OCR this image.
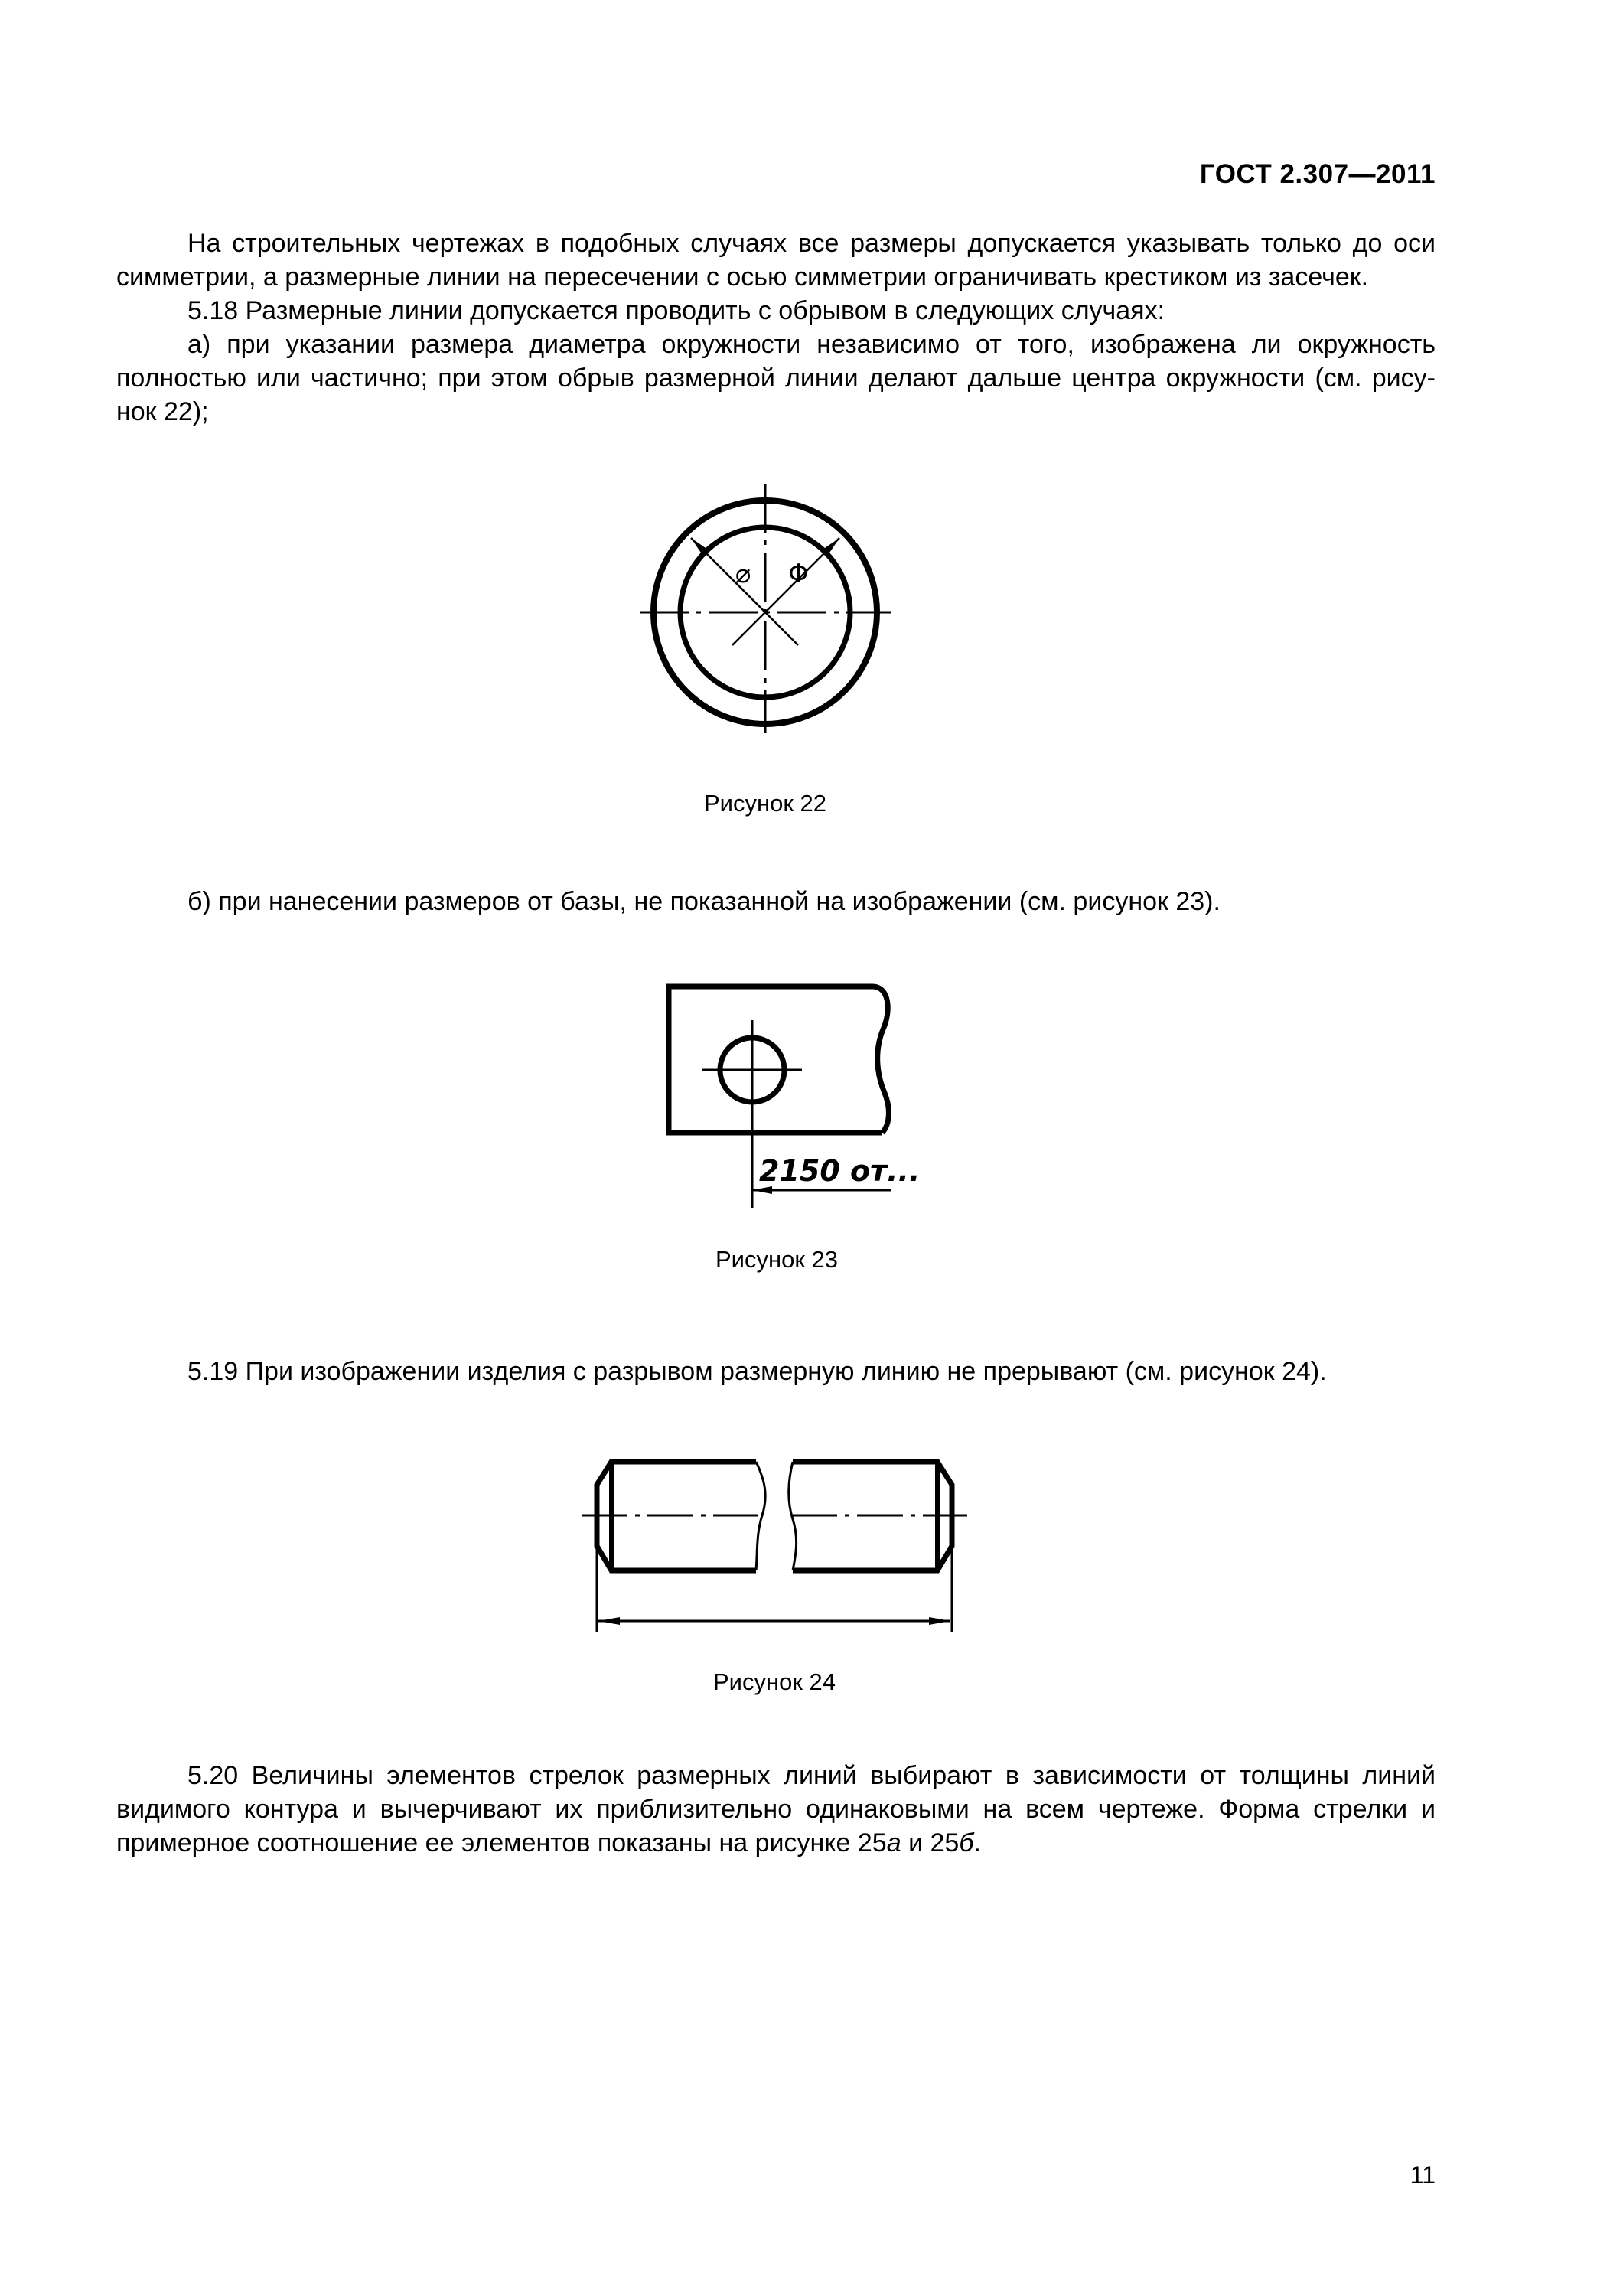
ГОСТ 2.307—2011
На строительных чертежах в подобных случаях все размеры допускается указывать только до оси
симметрии, а размерные линии на пересечении с осью симметрии ограничивать крестиком из засечек.
5.18 Размерные линии допускается проводить с обрывом в следующих случаях:
а) при указании размера диаметра окружности независимо от того, изображена ли окружность
полностью или частично; при этом обрыв размерной линии делают дальше центра окружности (см. рису-
нок 22);
⌀ Φ
Рисунок 22
б) при нанесении размеров от базы, не показанной на изображении (см. рисунок 23).
2150 от...
Рисунок 23
5.19 При изображении изделия с разрывом размерную линию не прерывают (см. рисунок 24).
Рисунок 24
5.20 Величины элементов стрелок размерных линий выбирают в зависимости от толщины линий
видимого контура и вычерчивают их приблизительно одинаковыми на всем чертеже. Форма стрелки и
примерное соотношение ее элементов показаны на рисунке 25а и 25б.
11
